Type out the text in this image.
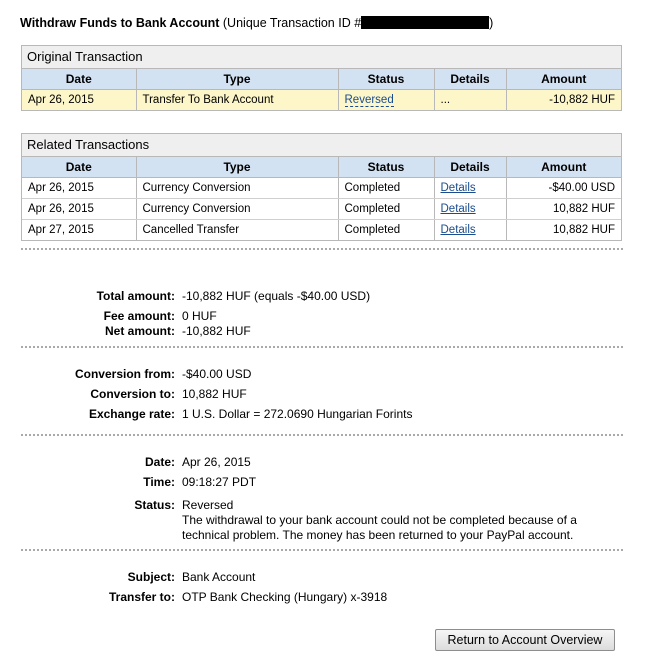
Withdraw Funds to Bank Account (Unique Transaction ID #	)
Original Transaction
Date	Type	Status	Details	Amount
Apr 26, 2015	Transfer To Bank Account	Reversed	...	-10,882 HUF
Related Transactions
Date	Type	Status	Details	Amount
Apr 26, 2015	Currency Conversion	Completed	Details	-$40.00 USD
Apr 26, 2015	Currency Conversion	Completed	Details	10,882 HUF
Apr 27, 2015	Cancelled Transfer	Completed	Details	10,882 HUF
Total amount: -10,882 HUF (equals -$40.00 USD)
Fee amount: 0 HUF
Net amount: -10,882 HUF
Conversion from: -$40.00 USD
Conversion to: 10,882 HUF
Exchange rate: 1 U.S. Dollar = 272.0690 Hungarian Forints
Date: Apr 26, 2015
Time: 09:18:27 PDT
Status: Reversed
The withdrawal to your bank account could not be completed because of a technical problem. The money has been returned to your PayPal account.
Subject: Bank Account
Transfer to: OTP Bank Checking (Hungary) x-3918
Return to Account Overview
